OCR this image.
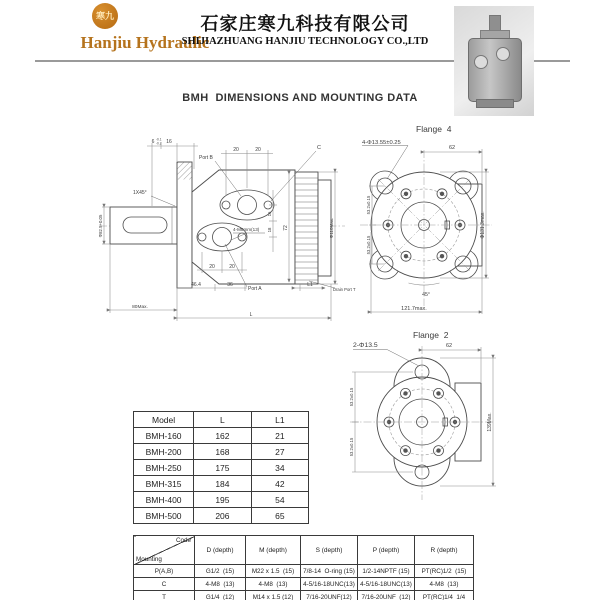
寒九
Hanjiu Hydraulic
石家庄寒九科技有限公司
SHIJIAZHUANG HANJIU TECHNOLOGY CO.,LTD
BMH  DIMENSIONS AND MOUNTING DATA
6 -0.1
-0.2 16
20	20
Port B
C
1X45°
Φ82.5+0.05	4-M8mm(13)
16
18 72	Φ110Max.
20	20
46.4	36
Port A
L1
Drain Port T
80Max.
L
Flange  4
4-Φ13.55±0.25
62
Φ131.3max.
53.2±0.15
53.2±0.15
45°
121.7max.
Flange  2
2-Φ13.5	62
139Max.
53.2±0.15
53.2±0.15
Model	L	L1
BMH-160	162	21
BMH-200	168	27
BMH-250	175	34
BMH-315	184	42
BMH-400	195	54
BMH-500	206	65

Code

Mounting	D (depth)	M (depth)	S (depth)	P (depth)	R (depth)
P(A,B)	G1/2  (15)	M22 x 1.5  (15)	7/8-14  O-ring (15)	1/2-14NPTF (15)	PT(RC)1/2  (15)
C	4-M8  (13)	4-M8  (13)	4-5/16-18UNC(13)	4-5/16-18UNC(13)	4-M8  (13)
T	G1/4  (12)	M14 x 1.5 (12)	7/16-20UNF(12)	7/16-20UNF  (12)	PT(RC)1/4  1/4
